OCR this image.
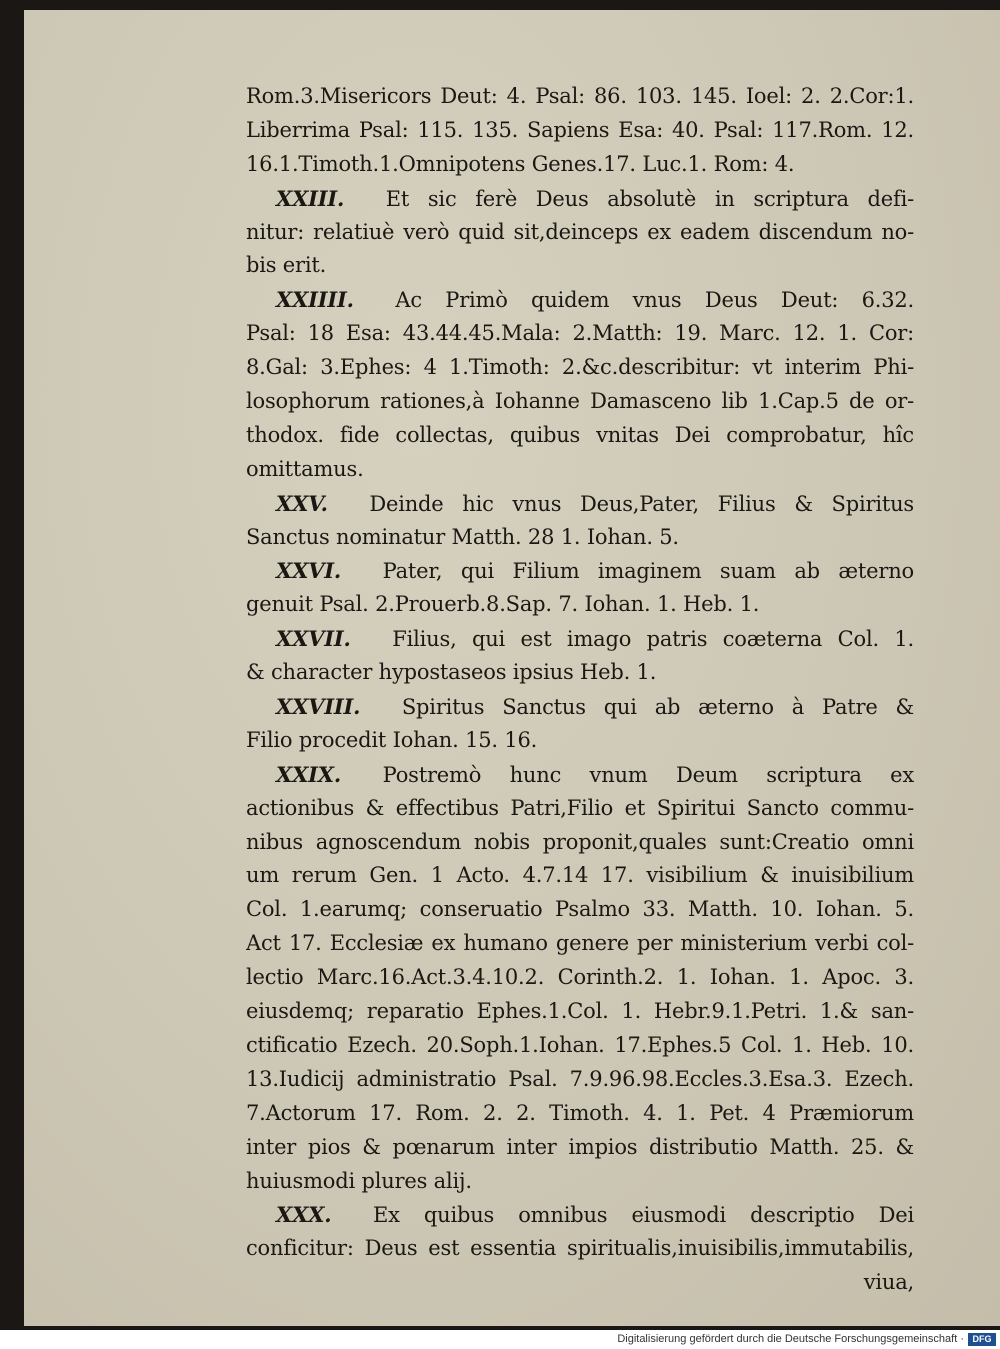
Rom.3.Misericors Deut: 4. Psal: 86. 103. 145. Ioel: 2. 2.Cor:1.
Liberrima Psal: 115. 135. Sapiens Esa: 40. Psal: 117.Rom. 12.
16.1.Timoth.1.Omnipotens Genes.17. Luc.1. Rom: 4.
XXIII.   Et sic ferè Deus absolutè in scriptura defi-
nitur: relatiuè verò quid sit,deinceps ex eadem discendum no-
bis erit.
XXIIII.   Ac Primò quidem vnus Deus Deut: 6.32.
Psal: 18 Esa: 43.44.45.Mala: 2.Matth: 19. Marc. 12. 1. Cor:
8.Gal: 3.Ephes: 4 1.Timoth: 2.&c.describitur: vt interim Phi-
losophorum rationes,à Iohanne Damasceno lib 1.Cap.5 de or-
thodox. fide collectas, quibus vnitas Dei comprobatur, hîc
omittamus.
XXV.   Deinde hic vnus Deus,Pater, Filius & Spiritus
Sanctus nominatur Matth. 28 1. Iohan. 5.
XXVI.   Pater, qui Filium imaginem suam ab æterno
genuit Psal. 2.Prouerb.8.Sap. 7. Iohan. 1. Heb. 1.
XXVII.   Filius, qui est imago patris coæterna Col. 1.
& character hypostaseos ipsius Heb. 1.
XXVIII.   Spiritus Sanctus qui ab æterno à Patre &
Filio procedit Iohan. 15. 16.
XXIX.   Postremò hunc vnum Deum scriptura ex
actionibus & effectibus Patri,Filio et Spiritui Sancto commu-
nibus agnoscendum nobis proponit,quales sunt:Creatio omni
um rerum Gen. 1 Acto. 4.7.14 17. visibilium & inuisibilium
Col. 1.earumq; conseruatio Psalmo 33. Matth. 10. Iohan. 5.
Act 17. Ecclesiæ ex humano genere per ministerium verbi col-
lectio Marc.16.Act.3.4.10.2. Corinth.2. 1. Iohan. 1. Apoc. 3.
eiusdemq; reparatio Ephes.1.Col. 1. Hebr.9.1.Petri. 1.& san-
ctificatio Ezech. 20.Soph.1.Iohan. 17.Ephes.5 Col. 1. Heb. 10.
13.Iudicij administratio Psal. 7.9.96.98.Eccles.3.Esa.3. Ezech.
7.Actorum 17. Rom. 2. 2. Timoth. 4. 1. Pet. 4 Præmiorum
inter pios & pœnarum inter impios distributio Matth. 25. &
huiusmodi plures alij.
XXX.   Ex quibus omnibus eiusmodi descriptio Dei
conficitur: Deus est essentia spiritualis,inuisibilis,immutabilis,
viua,
Digitalisierung gefördert durch die Deutsche Forschungsgemeinschaft · DFG
